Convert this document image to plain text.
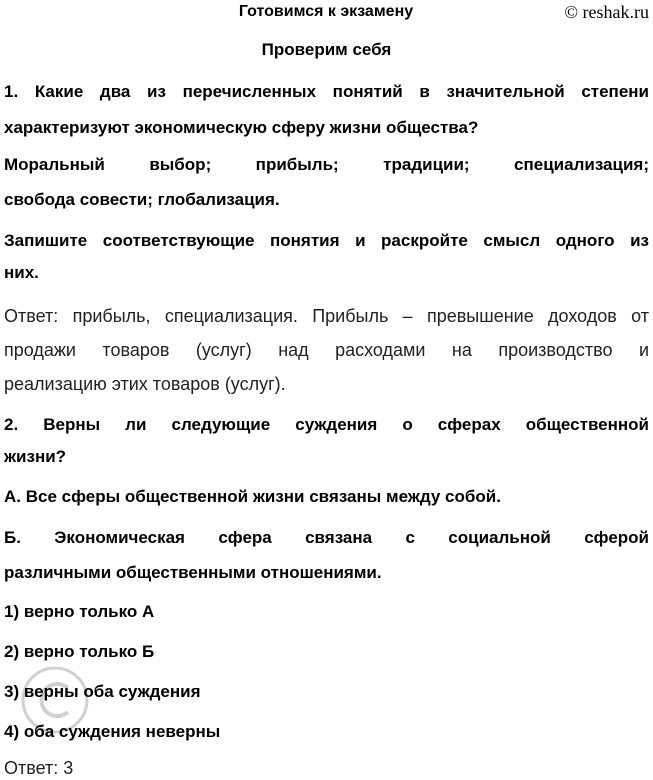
Готовимся к экзамену	© reshak.ru
Проверим себя
1. Какие два из перечисленных понятий в значительной степени
характеризуют экономическую сферу жизни общества?
Моральный выбор; прибыль; традиции; специализация;
свобода совести; глобализация.
Запишите соответствующие понятия и раскройте смысл одного из
них.
Ответ: прибыль, специализация. Прибыль – превышение доходов от
продажи товаров (услуг) над расходами на производство и
реализацию этих товаров (услуг).
2. Верны ли следующие суждения о сферах общественной
жизни?
А. Все сферы общественной жизни связаны между собой.
Б. Экономическая сфера связана с социальной сферой
различными общественными отношениями.
1) верно только А
2) верно только Б
3) верны оба суждения
4) оба суждения неверны
Ответ: 3
